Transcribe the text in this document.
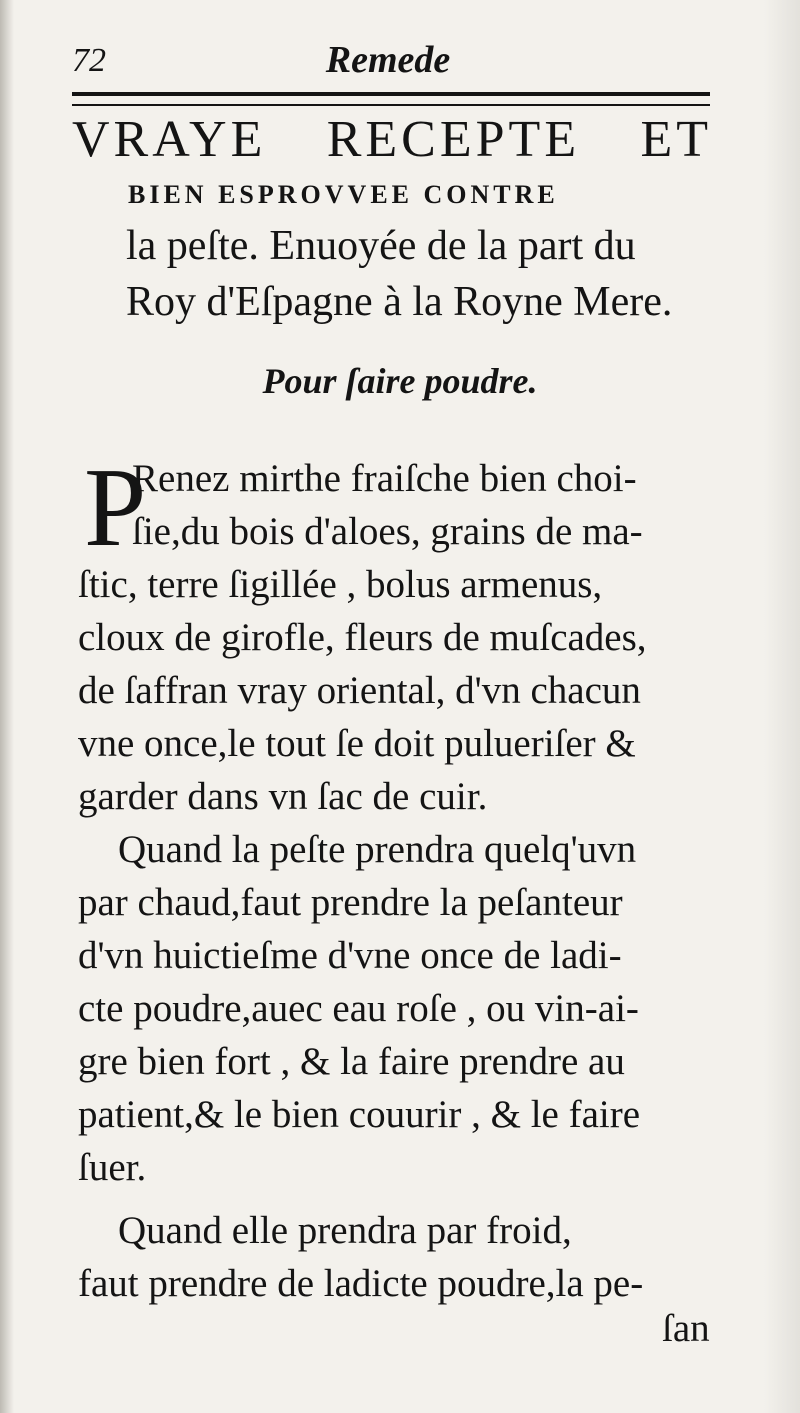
72	Remede
VRAYE RECEPTE ET
BIEN ESPROVVEE CONTRE
la peſte. Enuoyée de la part du
Roy d'Eſpagne à la Royne Mere.
Pour ſaire poudre.
P
Renez mirthe fraiſche bien choi-
ſie,du bois d'aloes, grains de ma-
ſtic, terre ſigillée , bolus armenus,
cloux de girofle, fleurs de muſcades,
de ſaffran vray oriental, d'vn chacun
vne once,le tout ſe doit pulueriſer &
garder dans vn ſac de cuir.
Quand la peſte prendra quelq'uvn
par chaud,faut prendre la peſanteur
d'vn huictieſme d'vne once de ladi-
cte poudre,auec eau roſe , ou vin-ai-
gre bien fort , & la faire prendre au
patient,& le bien couurir , & le faire
ſuer.
Quand elle prendra par froid,
faut prendre de ladicte poudre,la pe-
ſan
